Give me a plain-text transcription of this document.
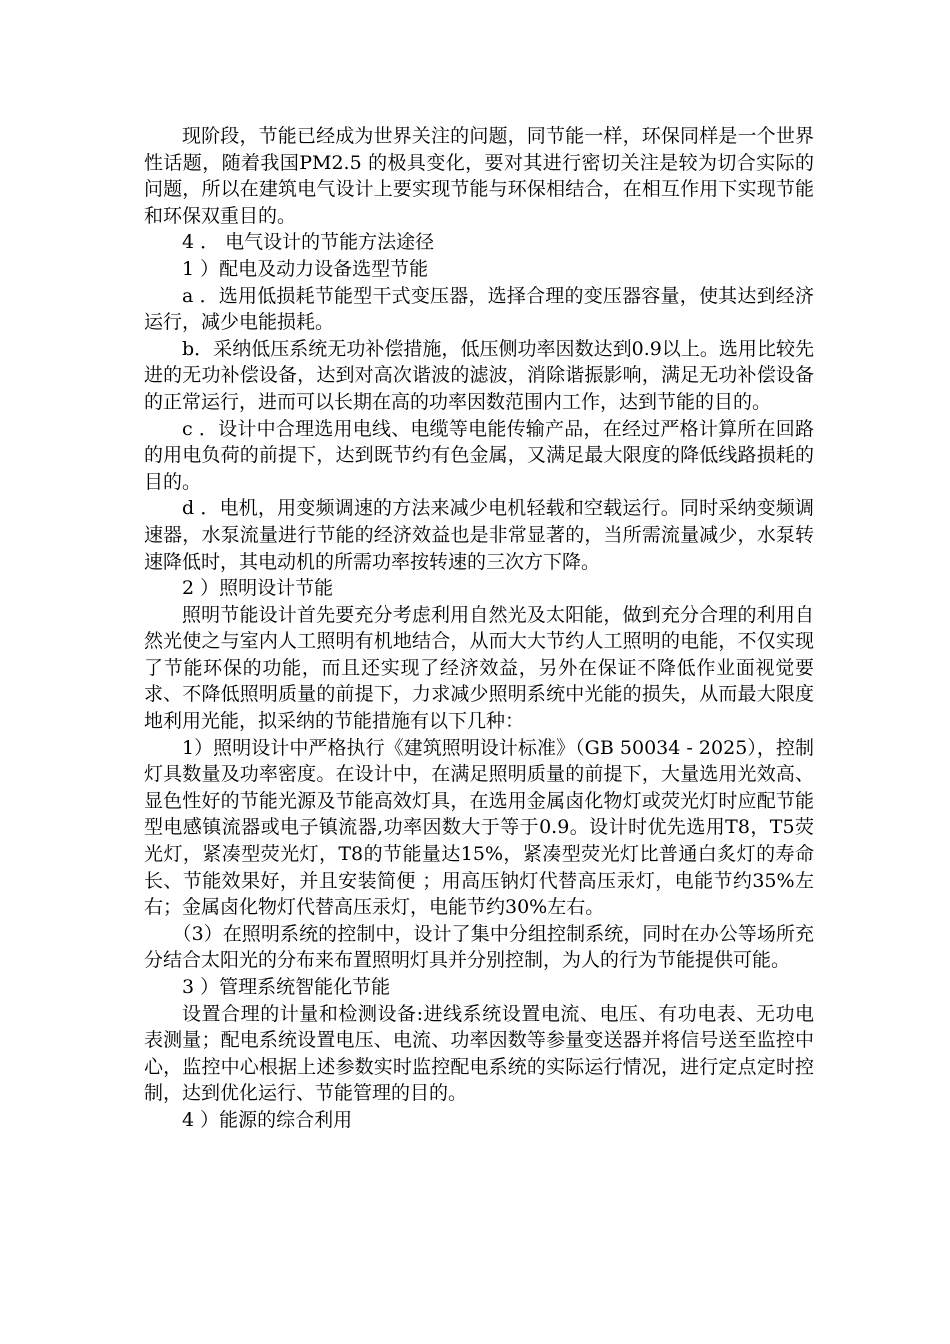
现阶段，节能已经成为世界关注的问题，同节能一样，环保同样是一个世界性话题，随着我国PM2.5 的极具变化，要对其进行密切关注是较为切合实际的问题，所以在建筑电气设计上要实现节能与环保相结合，在相互作用下实现节能和环保双重目的。

4 ． 电气设计的节能方法途径

1 ）配电及动力设备选型节能

a ．选用低损耗节能型干式变压器，选择合理的变压器容量，使其达到经济运行，减少电能损耗。

b．采纳低压系统无功补偿措施，低压侧功率因数达到0.9以上。选用比较先进的无功补偿设备，达到对高次谐波的滤波，消除谐振影响，满足无功补偿设备的正常运行，进而可以长期在高的功率因数范围内工作，达到节能的目的。

c ．设计中合理选用电线、电缆等电能传输产品，在经过严格计算所在回路的用电负荷的前提下，达到既节约有色金属，又满足最大限度的降低线路损耗的目的。

d ．电机，用变频调速的方法来减少电机轻载和空载运行。同时采纳变频调速器，水泵流量进行节能的经济效益也是非常显著的，当所需流量减少，水泵转速降低时，其电动机的所需功率按转速的三次方下降。

2 ）照明设计节能

照明节能设计首先要充分考虑利用自然光及太阳能，做到充分合理的利用自然光使之与室内人工照明有机地结合，从而大大节约人工照明的电能，不仅实现了节能环保的功能，而且还实现了经济效益，另外在保证不降低作业面视觉要求、不降低照明质量的前提下，力求减少照明系统中光能的损失，从而最大限度地利用光能，拟采纳的节能措施有以下几种：

1）照明设计中严格执行《建筑照明设计标准》（GB 50034 - 2025），控制灯具数量及功率密度。在设计中，在满足照明质量的前提下，大量选用光效高、显色性好的节能光源及节能高效灯具，在选用金属卤化物灯或荧光灯时应配节能型电感镇流器或电子镇流器,功率因数大于等于0.9。设计时优先选用T8，T5荧光灯，紧凑型荧光灯，T8的节能量达15%，紧凑型荧光灯比普通白炙灯的寿命长、节能效果好，并且安装简便 ；用高压钠灯代替高压汞灯，电能节约35%左右；金属卤化物灯代替高压汞灯，电能节约30%左右。

（3）在照明系统的控制中，设计了集中分组控制系统，同时在办公等场所充分结合太阳光的分布来布置照明灯具并分别控制，为人的行为节能提供可能。

3 ）管理系统智能化节能

设置合理的计量和检测设备:进线系统设置电流、电压、有功电表、无功电表测量；配电系统设置电压、电流、功率因数等参量变送器并将信号送至监控中心，监控中心根据上述参数实时监控配电系统的实际运行情况，进行定点定时控制，达到优化运行、节能管理的目的。

4 ）能源的综合利用
